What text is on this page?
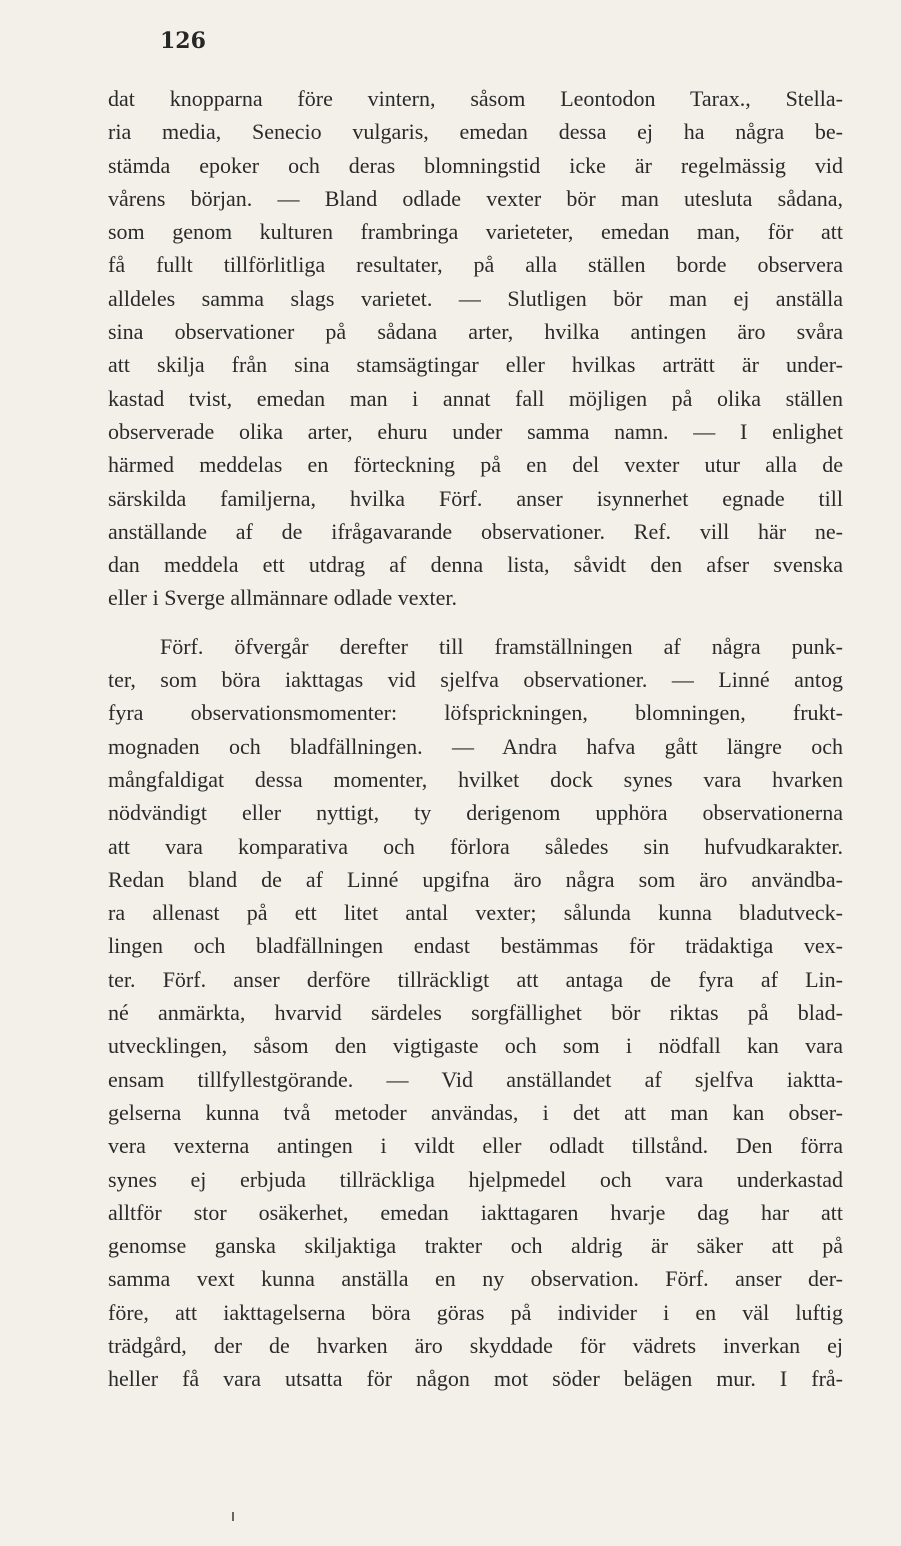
126
dat knopparna före vintern, såsom Leontodon Tarax., Stella-
ria media, Senecio vulgaris, emedan dessa ej ha några be-
stämda epoker och deras blomningstid icke är regelmässig vid
vårens början. — Bland odlade vexter bör man utesluta sådana,
som genom kulturen frambringa varieteter, emedan man, för att
få fullt tillförlitliga resultater, på alla ställen borde observera
alldeles samma slags varietet. — Slutligen bör man ej anställa
sina observationer på sådana arter, hvilka antingen äro svåra
att skilja från sina stamsägtingar eller hvilkas arträtt är under-
kastad tvist, emedan man i annat fall möjligen på olika ställen
observerade olika arter, ehuru under samma namn. — I enlighet
härmed meddelas en förteckning på en del vexter utur alla de
särskilda familjerna, hvilka Förf. anser isynnerhet egnade till
anställande af de ifrågavarande observationer. Ref. vill här ne-
dan meddela ett utdrag af denna lista, såvidt den afser svenska
eller i Sverge allmännare odlade vexter.
Förf. öfvergår derefter till framställningen af några punk-
ter, som böra iakttagas vid sjelfva observationer. — Linné antog
fyra observationsmomenter: löfsprickningen, blomningen, frukt-
mognaden och bladfällningen. — Andra hafva gått längre och
mångfaldigat dessa momenter, hvilket dock synes vara hvarken
nödvändigt eller nyttigt, ty derigenom upphöra observationerna
att vara komparativa och förlora således sin hufvudkarakter.
Redan bland de af Linné upgifna äro några som äro användba-
ra allenast på ett litet antal vexter; sålunda kunna bladutveck-
lingen och bladfällningen endast bestämmas för trädaktiga vex-
ter. Förf. anser derföre tillräckligt att antaga de fyra af Lin-
né anmärkta, hvarvid särdeles sorgfällighet bör riktas på blad-
utvecklingen, såsom den vigtigaste och som i nödfall kan vara
ensam tillfyllestgörande. — Vid anställandet af sjelfva iaktta-
gelserna kunna två metoder användas, i det att man kan obser-
vera vexterna antingen i vildt eller odladt tillstånd. Den förra
synes ej erbjuda tillräckliga hjelpmedel och vara underkastad
alltför stor osäkerhet, emedan iakttagaren hvarje dag har att
genomse ganska skiljaktiga trakter och aldrig är säker att på
samma vext kunna anställa en ny observation. Förf. anser der-
före, att iakttagelserna böra göras på individer i en väl luftig
trädgård, der de hvarken äro skyddade för vädrets inverkan ej
heller få vara utsatta för någon mot söder belägen mur. I frå-
